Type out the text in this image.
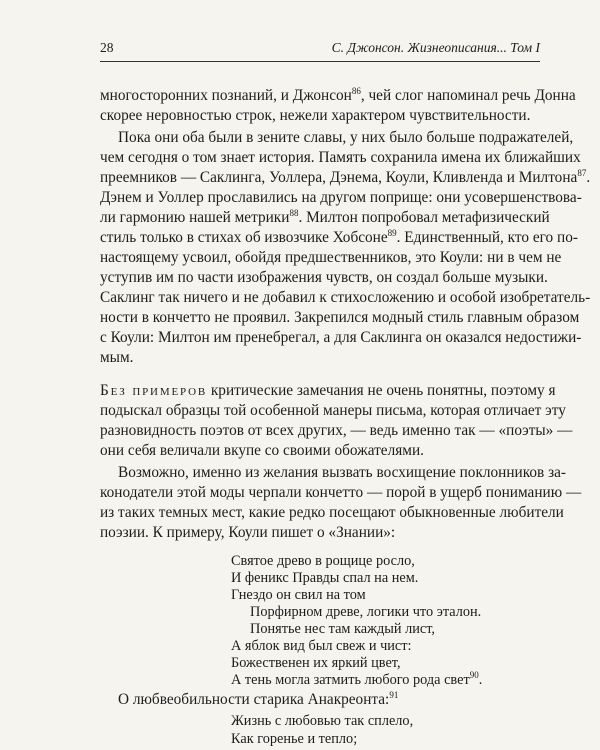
28	С. Джонсон. Жизнеописания... Том I
многосторонних познаний, и Джонсон$^{86}$, чей слог напоминал речь Донна
скорее неровностью строк, нежели характером чувствительности.
Пока они оба были в зените славы, у них было больше подражателей,
чем сегодня о том знает история. Память сохранила имена их ближайших
преемников — Саклинга, Уоллера, Дэнема, Коули, Кливленда и Милтона$^{87}$.
Дэнем и Уоллер прославились на другом поприще: они усовершенствова-
ли гармонию нашей метрики$^{88}$. Милтон попробовал метафизический
стиль только в стихах об извозчике Хобсоне$^{89}$. Единственный, кто его по-
настоящему усвоил, обойдя предшественников, это Коули: ни в чем не
уступив им по части изображения чувств, он создал больше музыки.
Саклинг так ничего и не добавил к стихосложению и особой изобретатель-
ности в кончетто не проявил. Закрепился модный стиль главным образом
с Коули: Милтон им пренебрегал, а для Саклинга он оказался недостижи-
мым.
Без примеров критические замечания не очень понятны, поэтому я
подыскал образцы той особенной манеры письма, которая отличает эту
разновидность поэтов от всех других, — ведь именно так — «поэты» —
они себя величали вкупе со своими обожателями.
Возможно, именно из желания вызвать восхищение поклонников за-
конодатели этой моды черпали кончетто — порой в ущерб пониманию —
из таких темных мест, какие редко посещают обыкновенные любители
поэзии. К примеру, Коули пишет о «Знании»:
Святое древо в рощице росло,
И феникс Правды спал на нем.
Гнездо он свил на том
Порфирном древе, логики что эталон.
Понятье нес там каждый лист,
А яблок вид был свеж и чист:
Божественен их яркий цвет,
А тень могла затмить любого рода свет$^{90}$.
О любвеобильности старика Анакреонта:$^{91}$
Жизнь с любовью так сплело,
Как горенье и тепло;
